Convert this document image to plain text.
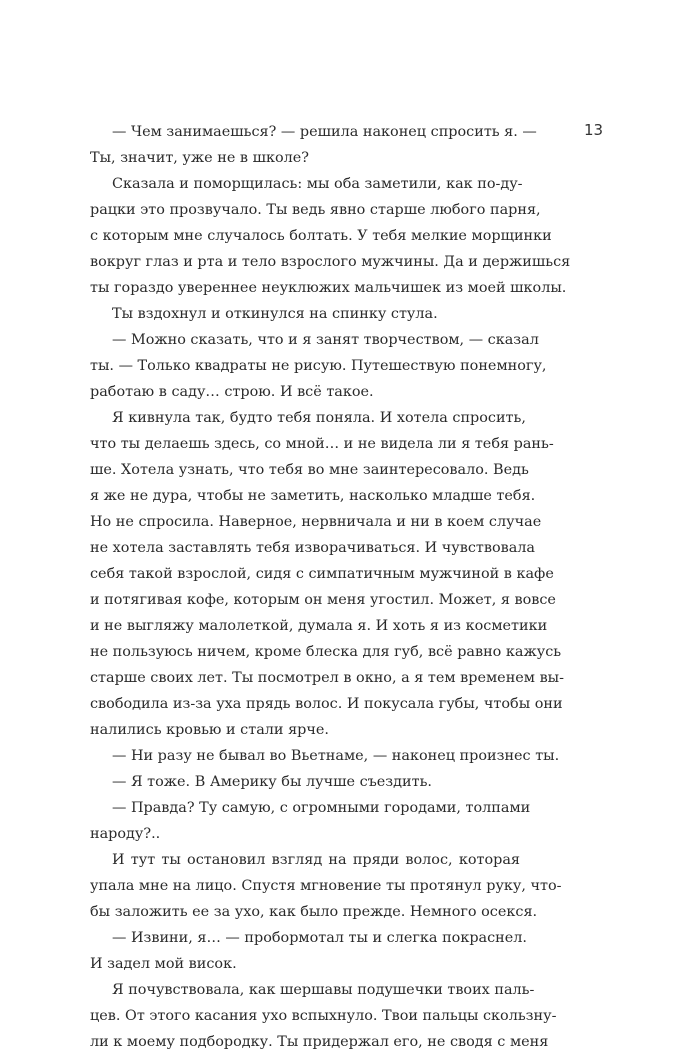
13
— Чем занимаешься? — решила наконец спросить я. —
Ты, значит, уже не в школе?
Сказала и поморщилась: мы оба заметили, как по-ду-
рацки это прозвучало. Ты ведь явно старше любого парня,
с которым мне случалось болтать. У тебя мелкие морщинки
вокруг глаз и рта и тело взрослого мужчины. Да и держишься
ты гораздо увереннее неуклюжих мальчишек из моей школы.
Ты вздохнул и откинулся на спинку стула.
— Можно сказать, что и я занят творчеством, — сказал
ты. — Только квадраты не рисую. Путешествую понемногу,
работаю в саду… строю. И всё такое.
Я кивнула так, будто тебя поняла. И хотела спросить,
что ты делаешь здесь, со мной… и не видела ли я тебя рань-
ше. Хотела узнать, что тебя во мне заинтересовало. Ведь
я же не дура, чтобы не заметить, насколько младше тебя.
Но не спросила. Наверное, нервничала и ни в коем случае
не хотела заставлять тебя изворачиваться. И чувствовала
себя такой взрослой, сидя с симпатичным мужчиной в кафе
и потягивая кофе, которым он меня угостил. Может, я вовсе
и не выгляжу малолеткой, думала я. И хоть я из косметики
не пользуюсь ничем, кроме блеска для губ, всё равно кажусь
старше своих лет. Ты посмотрел в окно, а я тем временем вы-
свободила из-за уха прядь волос. И покусала губы, чтобы они
налились кровью и стали ярче.
— Ни разу не бывал во Вьетнаме, — наконец произнес ты.
— Я тоже. В Америку бы лучше съездить.
— Правда? Ту самую, с огромными городами, толпами
народу?..
И тут ты остановил взгляд на пряди волос, которая
упала мне на лицо. Спустя мгновение ты протянул руку, что-
бы заложить ее за ухо, как было прежде. Немного осекся.
— Извини, я… — пробормотал ты и слегка покраснел.
И задел мой висок.
Я почувствовала, как шершавы подушечки твоих паль-
цев. От этого касания ухо вспыхнуло. Твои пальцы скользну-
ли к моему подбородку. Ты придержал его, не сводя с меня
